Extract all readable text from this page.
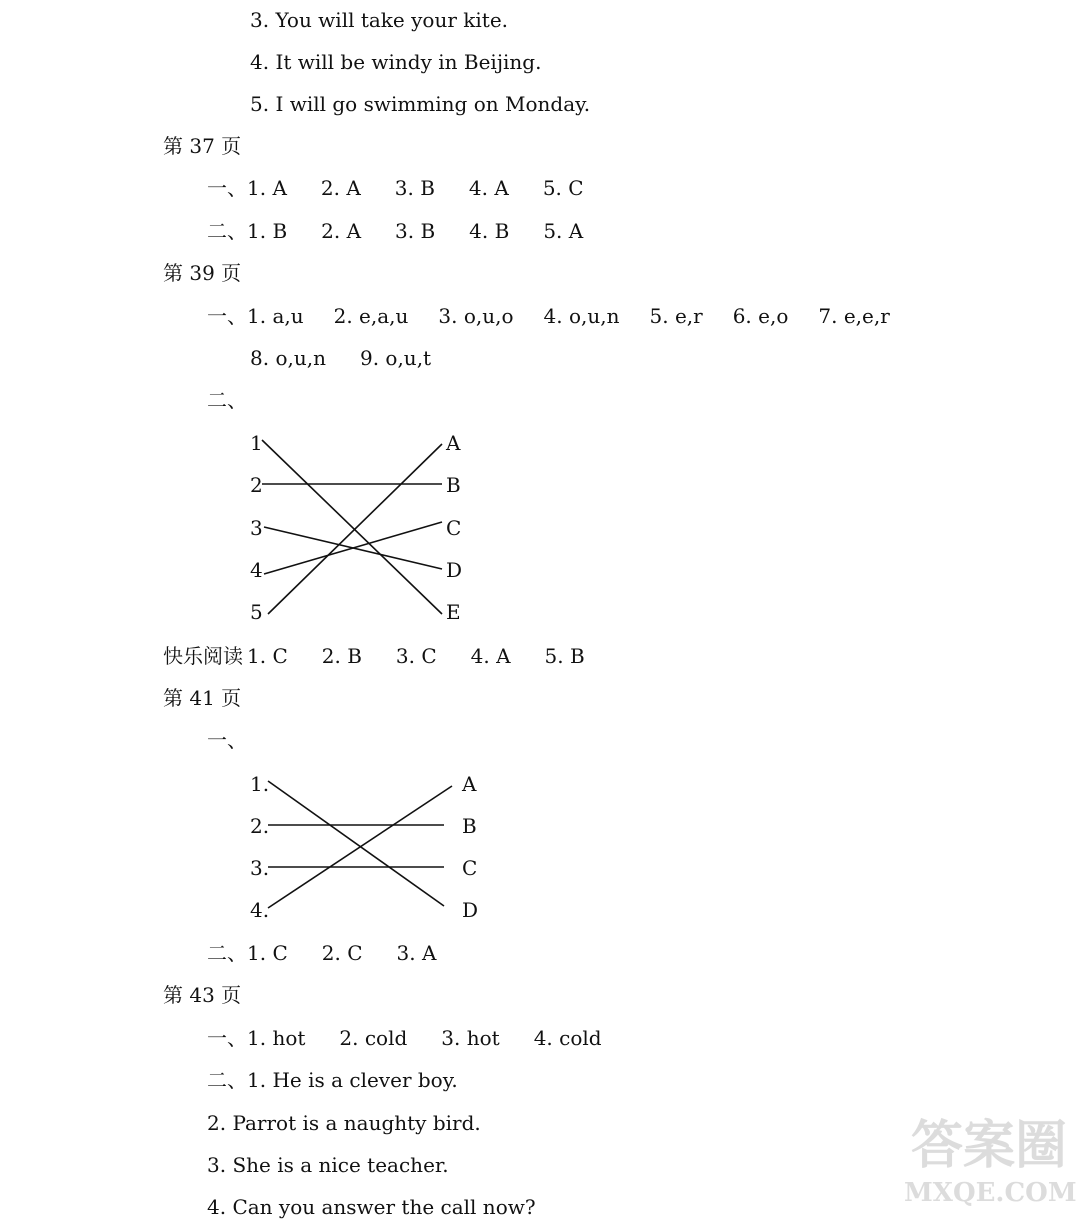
3. You will take your kite.
4. It will be windy in Beijing.
5. I will go swimming on Monday.
第 37 页
一、 1. A 2. A 3. B 4. A 5. C
二、 1. B 2. A 3. B 4. B 5. A
第 39 页
一、 1. a,u 2. e,a,u 3. o,u,o 4. o,u,n 5. e,r 6. e,o 7. e,e,r
8. o,u,n 9. o,u,t
二、
1
2
3
4
5
A
B
C
D
E
快乐阅读 1. C 2. B 3. C 4. A 5. B
第 41 页
一、
1.
2.
3.
4.
A
B
C
D
二、 1. C 2. C 3. A
第 43 页
一、 1. hot 2. cold 3. hot 4. cold
二、 1. He is a clever boy.
2. Parrot is a naughty bird.
3. She is a nice teacher.
4. Can you answer the call now?
答案圈
MXQE.COM
